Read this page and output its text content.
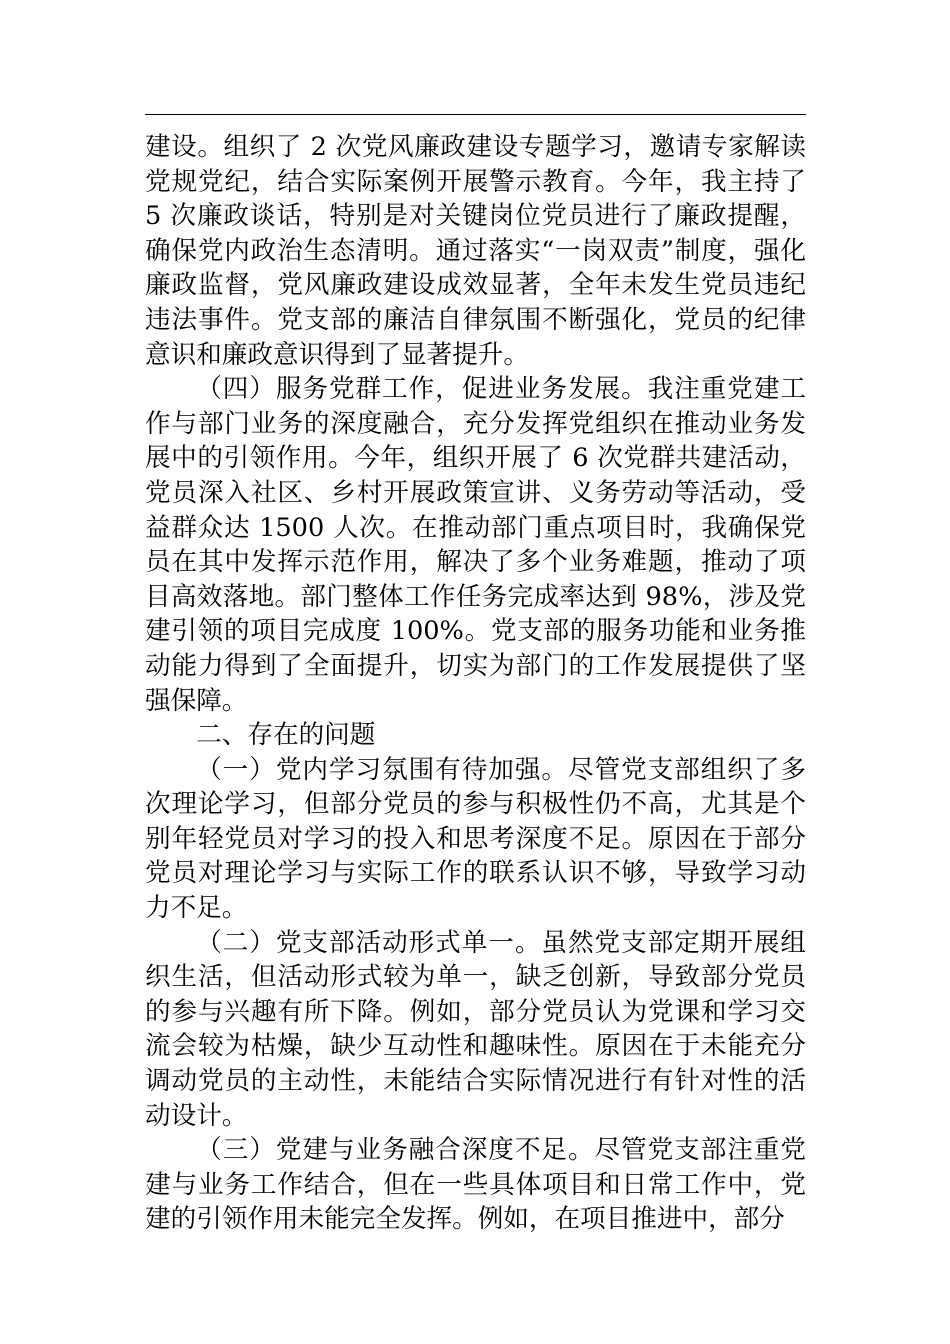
建设。组织了 2 次党风廉政建设专题学习，邀请专家解读党规党纪，结合实际案例开展警示教育。今年，我主持了 5 次廉政谈话，特别是对关键岗位党员进行了廉政提醒，确保党内政治生态清明。通过落实“一岗双责”制度，强化廉政监督，党风廉政建设成效显著，全年未发生党员违纪违法事件。党支部的廉洁自律氛围不断强化，党员的纪律意识和廉政意识得到了显著提升。

（四）服务党群工作，促进业务发展。我注重党建工作与部门业务的深度融合，充分发挥党组织在推动业务发展中的引领作用。今年，组织开展了 6 次党群共建活动，党员深入社区、乡村开展政策宣讲、义务劳动等活动，受益群众达 1500 人次。在推动部门重点项目时，我确保党员在其中发挥示范作用，解决了多个业务难题，推动了项目高效落地。部门整体工作任务完成率达到 98%，涉及党建引领的项目完成度 100%。党支部的服务功能和业务推动能力得到了全面提升，切实为部门的工作发展提供了坚强保障。

二、存在的问题

（一）党内学习氛围有待加强。尽管党支部组织了多次理论学习，但部分党员的参与积极性仍不高，尤其是个别年轻党员对学习的投入和思考深度不足。原因在于部分党员对理论学习与实际工作的联系认识不够，导致学习动力不足。

（二）党支部活动形式单一。虽然党支部定期开展组织生活，但活动形式较为单一，缺乏创新，导致部分党员的参与兴趣有所下降。例如，部分党员认为党课和学习交流会较为枯燥，缺少互动性和趣味性。原因在于未能充分调动党员的主动性，未能结合实际情况进行有针对性的活动设计。

（三）党建与业务融合深度不足。尽管党支部注重党建与业务工作结合，但在一些具体项目和日常工作中，党建的引领作用未能完全发挥。例如，在项目推进中，部分
